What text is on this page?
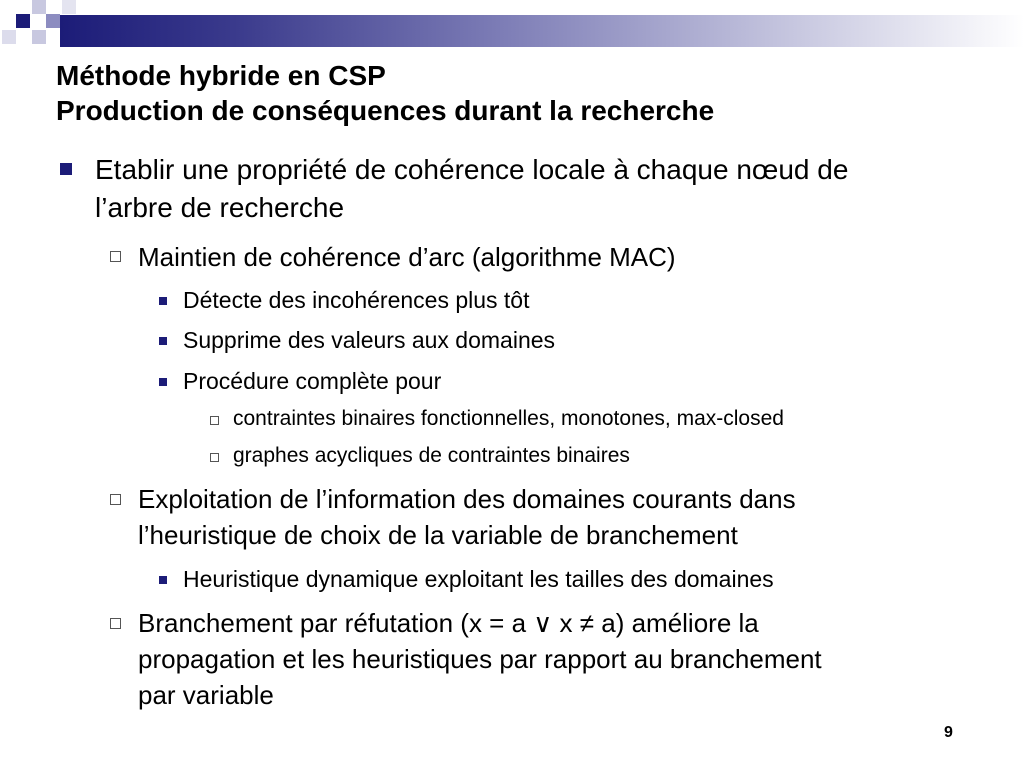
Méthode hybride en CSP
Production de conséquences durant la recherche
Etablir une propriété de cohérence locale à chaque nœud de
l’arbre de recherche
Maintien de cohérence d’arc (algorithme MAC)
Détecte des incohérences plus tôt
Supprime des valeurs aux domaines
Procédure complète pour
contraintes binaires fonctionnelles, monotones, max-closed
graphes acycliques de contraintes binaires
Exploitation de l’information des domaines courants dans
l’heuristique de choix de la variable de branchement
Heuristique dynamique exploitant les tailles des domaines
Branchement par réfutation (x = a ∨ x ≠ a) améliore la
propagation et les heuristiques par rapport au branchement
par variable
9
